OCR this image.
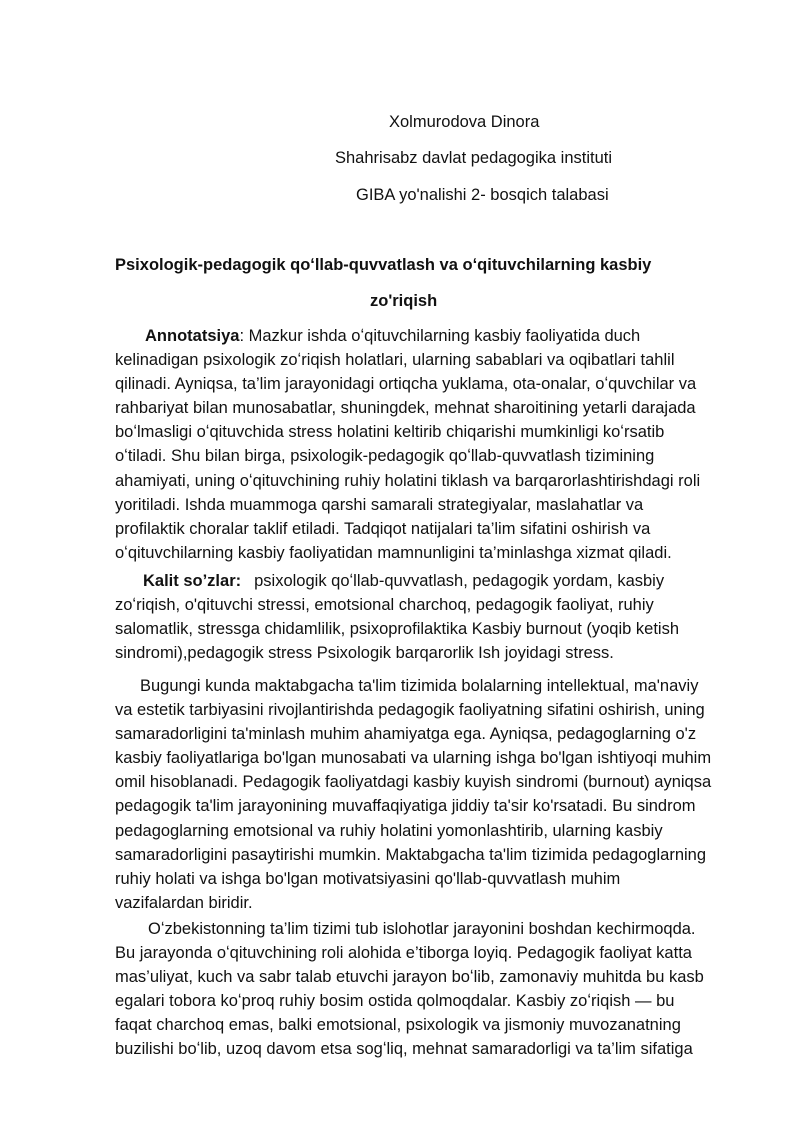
Xolmurodova Dinora
Shahrisabz davlat pedagogika instituti
GIBA yo'nalishi 2- bosqich talabasi
Psixologik-pedagogik qoʻllab-quvvatlash va oʻqituvchilarning kasbiy
zo'riqish
Annotatsiya: Mazkur ishda oʻqituvchilarning kasbiy faoliyatida duch
kelinadigan psixologik zoʻriqish holatlari, ularning sabablari va oqibatlari tahlil
qilinadi. Ayniqsa, ta’lim jarayonidagi ortiqcha yuklama, ota-onalar, oʻquvchilar va
rahbariyat bilan munosabatlar, shuningdek, mehnat sharoitining yetarli darajada
boʻlmasligi oʻqituvchida stress holatini keltirib chiqarishi mumkinligi koʻrsatib
oʻtiladi. Shu bilan birga, psixologik-pedagogik qoʻllab-quvvatlash tizimining
ahamiyati, uning oʻqituvchining ruhiy holatini tiklash va barqarorlashtirishdagi roli
yoritiladi. Ishda muammoga qarshi samarali strategiyalar, maslahatlar va
profilaktik choralar taklif etiladi. Tadqiqot natijalari ta’lim sifatini oshirish va
oʻqituvchilarning kasbiy faoliyatidan mamnunligini ta’minlashga xizmat qiladi.
Kalit so’zlar: psixologik qoʻllab-quvvatlash, pedagogik yordam, kasbiy
zoʻriqish, o'qituvchi stressi, emotsional charchoq, pedagogik faoliyat, ruhiy
salomatlik, stressga chidamlilik, psixoprofilaktika Kasbiy burnout (yoqib ketish
sindromi),pedagogik stress Psixologik barqarorlik Ish joyidagi stress.
Bugungi kunda maktabgacha ta'lim tizimida bolalarning intellektual, ma'naviy
va estetik tarbiyasini rivojlantirishda pedagogik faoliyatning sifatini oshirish, uning
samaradorligini ta'minlash muhim ahamiyatga ega. Ayniqsa, pedagoglarning o'z
kasbiy faoliyatlariga bo'lgan munosabati va ularning ishga bo'lgan ishtiyoqi muhim
omil hisoblanadi. Pedagogik faoliyatdagi kasbiy kuyish sindromi (burnout) ayniqsa
pedagogik ta'lim jarayonining muvaffaqiyatiga jiddiy ta'sir ko'rsatadi. Bu sindrom
pedagoglarning emotsional va ruhiy holatini yomonlashtirib, ularning kasbiy
samaradorligini pasaytirishi mumkin. Maktabgacha ta'lim tizimida pedagoglarning
ruhiy holati va ishga bo'lgan motivatsiyasini qo'llab-quvvatlash muhim
vazifalardan biridir.
Oʻzbekistonning ta’lim tizimi tub islohotlar jarayonini boshdan kechirmoqda.
Bu jarayonda oʻqituvchining roli alohida e’tiborga loyiq. Pedagogik faoliyat katta
mas’uliyat, kuch va sabr talab etuvchi jarayon boʻlib, zamonaviy muhitda bu kasb
egalari tobora koʻproq ruhiy bosim ostida qolmoqdalar. Kasbiy zoʻriqish — bu
faqat charchoq emas, balki emotsional, psixologik va jismoniy muvozanatning
buzilishi boʻlib, uzoq davom etsa sogʻliq, mehnat samaradorligi va ta’lim sifatiga
